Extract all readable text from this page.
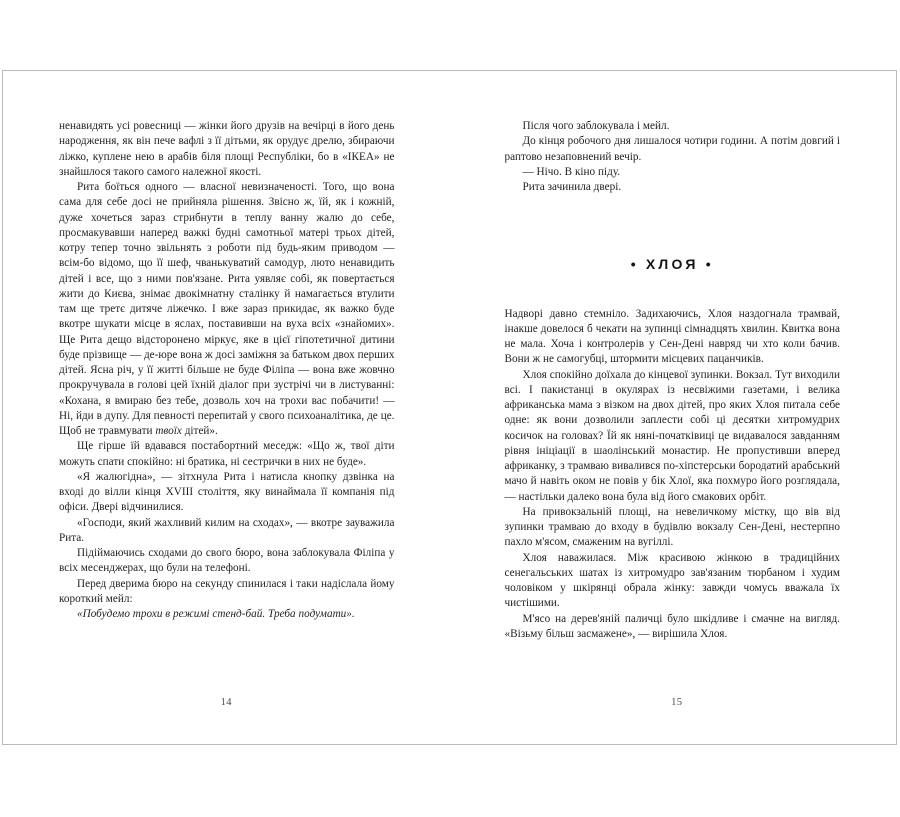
ненавидять усі ровесниці — жінки його друзів на вечірці в його день народження, як він пече вафлі з її дітьми, як орудує дрелю, збираючи ліжко, куплене нею в арабів біля площі Республіки, бо в «ІКЕА» не знайшлося такого самого належної якості.

Рита боїться одного — власної невизначеності. Того, що вона сама для себе досі не прийняла рішення. Звісно ж, їй, як і кожній, дуже хочеться зараз стрибнути в теплу ванну жалю до себе, просмакувавши наперед важкі будні самотньої матері трьох дітей, котру тепер точно звільнять з роботи під будь-яким приводом — всім-бо відомо, що її шеф, чванькуватий самодур, люто ненавидить дітей і все, що з ними пов'язане. Рита уявляє собі, як повертається жити до Києва, знімає двокімнатну сталінку й намагається втулити там ще третє дитяче ліжечко. І вже зараз прикидає, як важко буде вкотре шукати місце в яслах, поставивши на вуха всіх «знайомих». Ще Рита дещо відсторонено міркує, яке в цієї гіпотетичної дитини буде прізвище — де-юре вона ж досі заміжня за батьком двох перших дітей. Ясна річ, у її житті більше не буде Філіпа — вона вже жовчно прокручувала в голові цей їхній діалог при зустрічі чи в листуванні: «Кохана, я вмираю без тебе, дозволь хоч на трохи вас побачити! — Ні, йди в дупу. Для певності перепитай у свого психоаналітика, де це. Щоб не травмувати твоїх дітей».

Ще гірше їй вдавався постабортний меседж: «Що ж, твої діти можуть спати спокійно: ні братика, ні сестрички в них не буде».

«Я жалюгідна», — зітхнула Рита і натисла кнопку дзвінка на вході до вілли кінця XVIII століття, яку винаймала її компанія під офіси. Двері відчинилися.

«Господи, який жахливий килим на сходах», — вкотре зауважила Рита.

Підіймаючись сходами до свого бюро, вона заблокувала Філіпа у всіх месенджерах, що були на телефоні.

Перед дверима бюро на секунду спинилася і таки надіслала йому короткий мейл:

«Побудемо трохи в режимі стенд-бай. Треба подумати».

14

Після чого заблокувала і мейл.

До кінця робочого дня лишалося чотири години. А потім довгий і раптово незаповнений вечір.

— Нічо. В кіно піду.

Рита зачинила двері.

• ХЛОЯ •

Надворі давно стемніло. Задихаючись, Хлоя наздогнала трамвай, інакше довелося б чекати на зупинці сімнадцять хвилин. Квитка вона не мала. Хоча і контролерів у Сен-Дені навряд чи хто коли бачив. Вони ж не самогубці, штормити місцевих пацанчиків.

Хлоя спокійно доїхала до кінцевої зупинки. Вокзал. Тут виходили всі. І пакистанці в окулярах із несвіжими газетами, і велика африканська мама з візком на двох дітей, про яких Хлоя питала себе одне: як вони дозволили заплести собі ці десятки хитромудрих косичок на головах? Їй як няні-початківиці це видавалося завданням рівня ініціації в шаолінський монастир. Не пропустивши вперед африканку, з трамваю вивалився по-хіпстерськи бородатий арабський мачо й навіть оком не повів у бік Хлої, яка похмуро його розглядала, — настільки далеко вона була від його смакових орбіт.

На привокзальній площі, на невеличкому містку, що вів від зупинки трамваю до входу в будівлю вокзалу Сен-Дені, нестерпно пахло м'ясом, смаженим на вугіллі.

Хлоя наважилася. Між красивою жінкою в традиційних сенегальських шатах із хитромудро зав'язаним тюрбаном і худим чоловіком у шкірянці обрала жінку: завжди чомусь вважала їх чистішими.

М'ясо на дерев'яній паличці було шкідливе і смачне на вигляд. «Візьму більш засмажене», — вирішила Хлоя.

15
